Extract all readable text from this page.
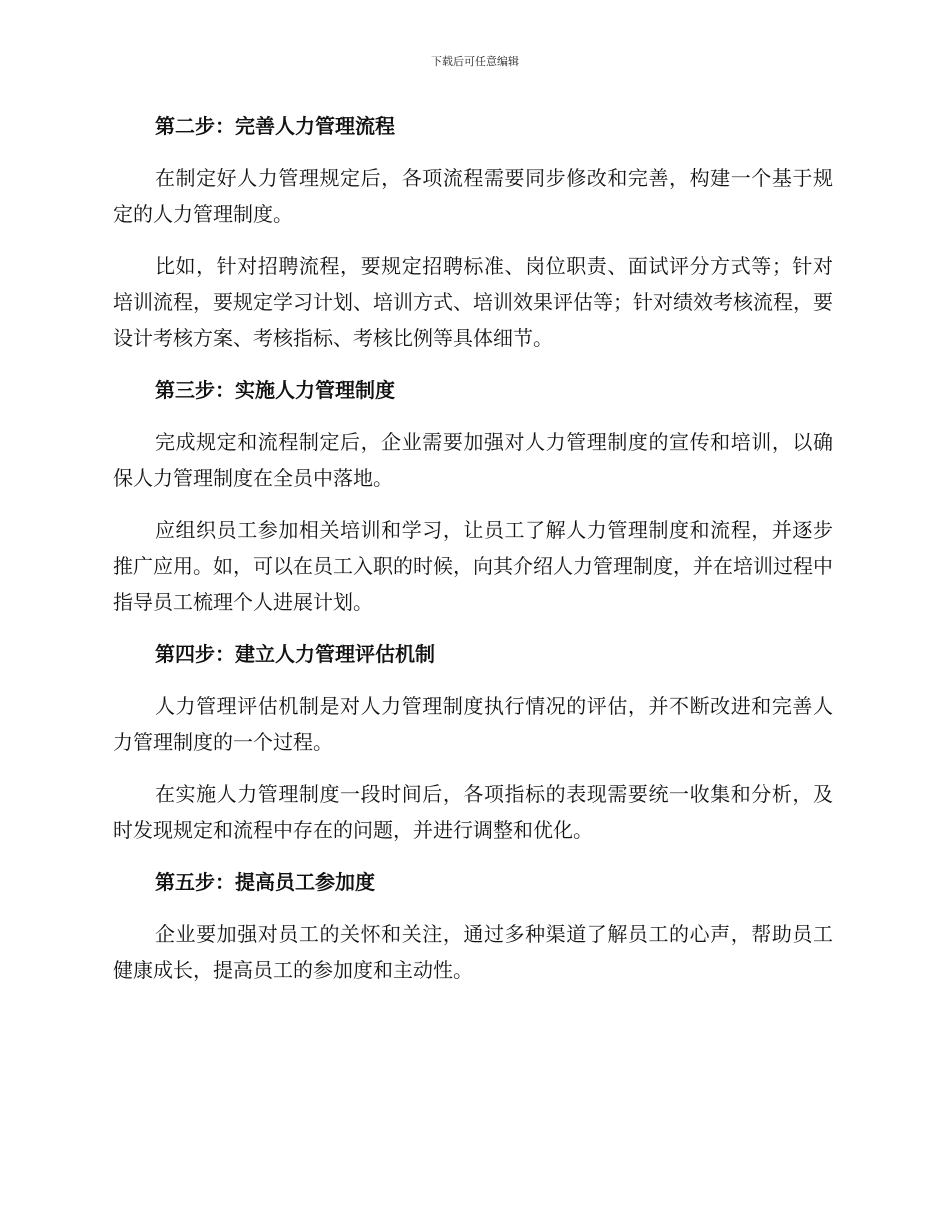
下载后可任意编辑
第二步：完善人力管理流程

在制定好人力管理规定后，各项流程需要同步修改和完善，构建一个基于规定的人力管理制度。

比如，针对招聘流程，要规定招聘标准、岗位职责、面试评分方式等；针对培训流程，要规定学习计划、培训方式、培训效果评估等；针对绩效考核流程，要设计考核方案、考核指标、考核比例等具体细节。

第三步：实施人力管理制度

完成规定和流程制定后，企业需要加强对人力管理制度的宣传和培训，以确保人力管理制度在全员中落地。

应组织员工参加相关培训和学习，让员工了解人力管理制度和流程，并逐步推广应用。如，可以在员工入职的时候，向其介绍人力管理制度，并在培训过程中指导员工梳理个人进展计划。

第四步：建立人力管理评估机制

人力管理评估机制是对人力管理制度执行情况的评估，并不断改进和完善人力管理制度的一个过程。

在实施人力管理制度一段时间后，各项指标的表现需要统一收集和分析，及时发现规定和流程中存在的问题，并进行调整和优化。

第五步：提高员工参加度

企业要加强对员工的关怀和关注，通过多种渠道了解员工的心声，帮助员工健康成长，提高员工的参加度和主动性。
